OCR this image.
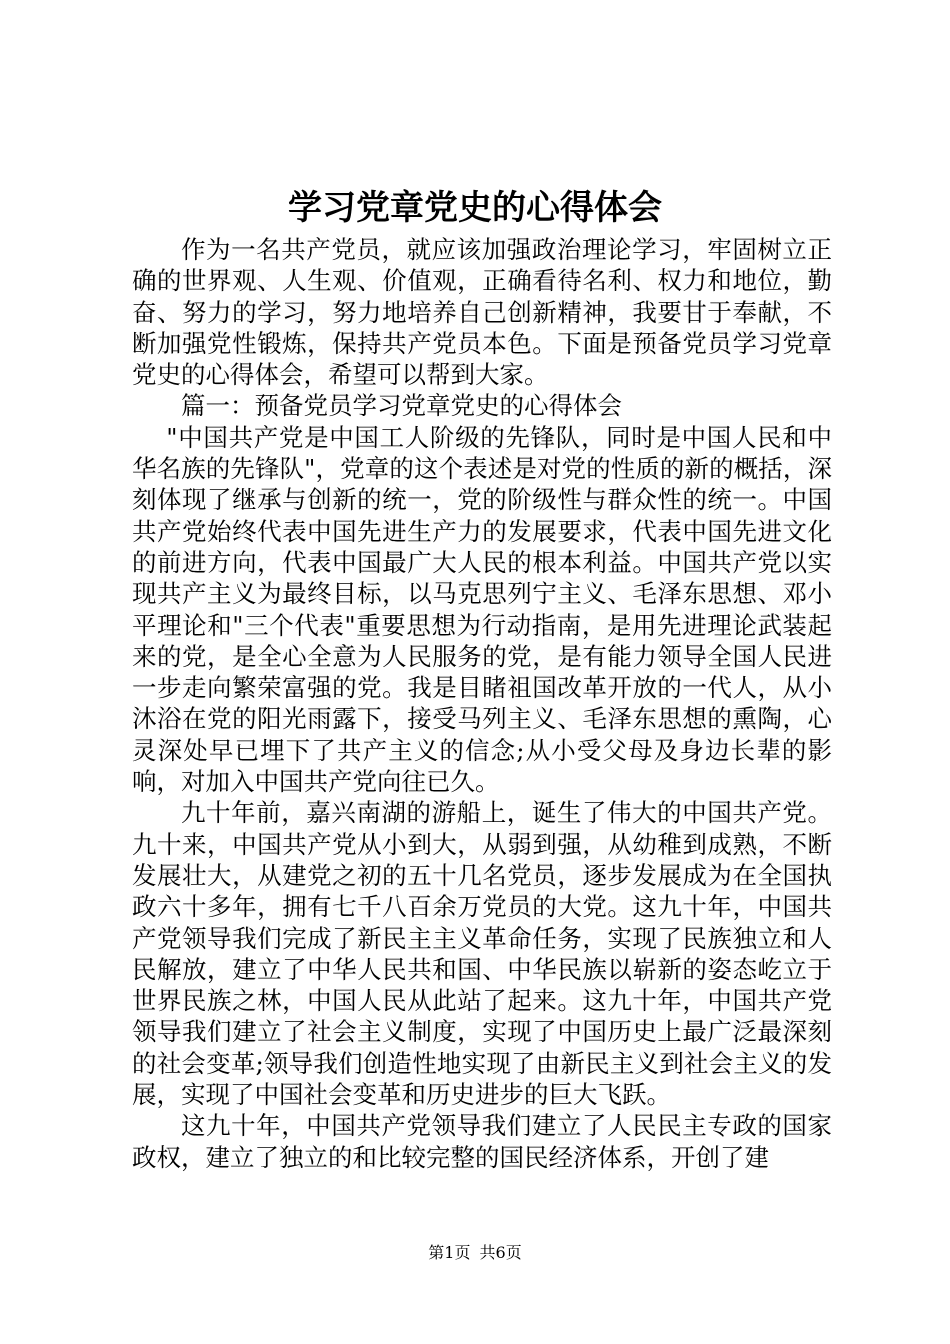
学习党章党史的心得体会

作为一名共产党员，就应该加强政治理论学习，牢固树立正确的世界观、人生观、价值观，正确看待名利、权力和地位，勤奋、努力的学习，努力地培养自己创新精神，我要甘于奉献，不断加强党性锻炼，保持共产党员本色。下面是预备党员学习党章党史的心得体会，希望可以帮到大家。

篇一：预备党员学习党章党史的心得体会

"中国共产党是中国工人阶级的先锋队，同时是中国人民和中华名族的先锋队"，党章的这个表述是对党的性质的新的概括，深刻体现了继承与创新的统一，党的阶级性与群众性的统一。中国共产党始终代表中国先进生产力的发展要求，代表中国先进文化的前进方向，代表中国最广大人民的根本利益。中国共产党以实现共产主义为最终目标，以马克思列宁主义、毛泽东思想、邓小平理论和"三个代表"重要思想为行动指南，是用先进理论武装起来的党，是全心全意为人民服务的党，是有能力领导全国人民进一步走向繁荣富强的党。我是目睹祖国改革开放的一代人，从小沐浴在党的阳光雨露下，接受马列主义、毛泽东思想的熏陶，心灵深处早已埋下了共产主义的信念;从小受父母及身边长辈的影响，对加入中国共产党向往已久。

九十年前，嘉兴南湖的游船上，诞生了伟大的中国共产党。九十来，中国共产党从小到大，从弱到强，从幼稚到成熟，不断发展壮大，从建党之初的五十几名党员，逐步发展成为在全国执政六十多年，拥有七千八百余万党员的大党。这九十年，中国共产党领导我们完成了新民主主义革命任务，实现了民族独立和人民解放，建立了中华人民共和国、中华民族以崭新的姿态屹立于世界民族之林，中国人民从此站了起来。这九十年，中国共产党领导我们建立了社会主义制度，实现了中国历史上最广泛最深刻的社会变革;领导我们创造性地实现了由新民主义到社会主义的发展，实现了中国社会变革和历史进步的巨大飞跃。

这九十年，中国共产党领导我们建立了人民民主专政的国家政权，建立了独立的和比较完整的国民经济体系，开创了建

第1页 共6页
